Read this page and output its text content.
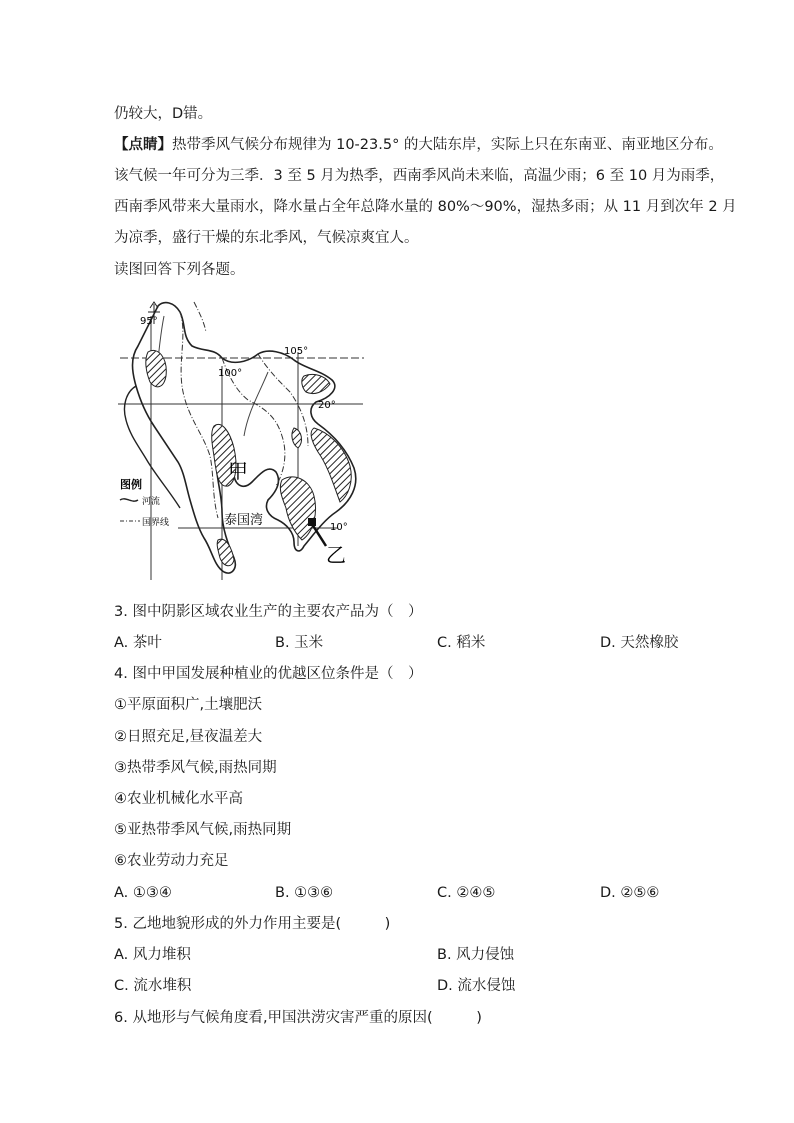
仍较大，D错。
【点睛】热带季风气候分布规律为 10-23.5° 的大陆东岸，实际上只在东南亚、南亚地区分布。
该气候一年可分为三季．3 至 5 月为热季，西南季风尚未来临，高温少雨；6 至 10 月为雨季，
西南季风带来大量雨水，降水量占全年总降水量的 80%～90%，湿热多雨；从 11 月到次年 2 月
为凉季，盛行干燥的东北季风，气候凉爽宜人。
读图回答下列各题。
95°
100°
105°
20°
10°
甲
泰国湾
乙
图例
河流
国界线
3. 图中阴影区域农业生产的主要农产品为（　）
A. 茶叶	B. 玉米	C. 稻米	D. 天然橡胶
4. 图中甲国发展种植业的优越区位条件是（　）
①平原面积广,土壤肥沃
②日照充足,昼夜温差大
③热带季风气候,雨热同期
④农业机械化水平高
⑤亚热带季风气候,雨热同期
⑥农业劳动力充足
A. ①③④	B. ①③⑥	C. ②④⑤	D. ②⑤⑥
5. 乙地地貌形成的外力作用主要是(　　　)
A. 风力堆积	B. 风力侵蚀
C. 流水堆积	D. 流水侵蚀
6. 从地形与气候角度看,甲国洪涝灾害严重的原因(　　　)
